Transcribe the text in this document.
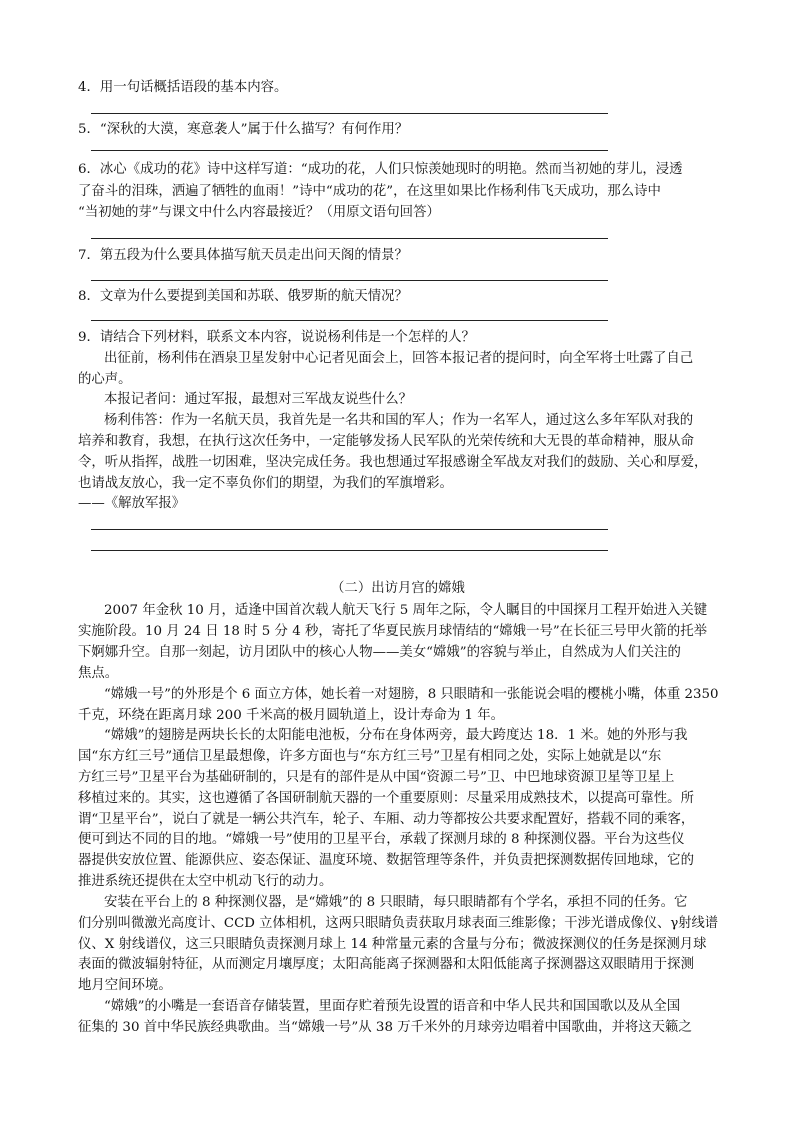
4．用一句话概括语段的基本内容。
5．“深秋的大漠，寒意袭人”属于什么描写？有何作用？
6．冰心《成功的花》诗中这样写道：“成功的花，人们只惊羡她现时的明艳。然而当初她的芽儿，浸透
了奋斗的泪珠，洒遍了牺牲的血雨！”诗中“成功的花”，在这里如果比作杨利伟飞天成功，那么诗中
“当初她的芽”与课文中什么内容最接近？（用原文语句回答）
7．第五段为什么要具体描写航天员走出问天阁的情景？
8．文章为什么要提到美国和苏联、俄罗斯的航天情况？
9．请结合下列材料，联系文本内容，说说杨利伟是一个怎样的人？
出征前，杨利伟在酒泉卫星发射中心记者见面会上，回答本报记者的提问时，向全军将士吐露了自己
的心声。
本报记者问：通过军报，最想对三军战友说些什么？
杨利伟答：作为一名航天员，我首先是一名共和国的军人；作为一名军人，通过这么多年军队对我的
培养和教育，我想，在执行这次任务中，一定能够发扬人民军队的光荣传统和大无畏的革命精神，服从命
令，听从指挥，战胜一切困难，坚决完成任务。我也想通过军报感谢全军战友对我们的鼓励、关心和厚爱，
也请战友放心，我一定不辜负你们的期望，为我们的军旗增彩。
——《解放军报》
（二）出访月宫的嫦娥
2007 年金秋 10 月，适逢中国首次载人航天飞行 5 周年之际，令人瞩目的中国探月工程开始进入关键
实施阶段。10 月 24 日 18 时 5 分 4 秒，寄托了华夏民族月球情结的“嫦娥一号”在长征三号甲火箭的托举
下婀娜升空。自那一刻起，访月团队中的核心人物——美女“嫦娥”的容貌与举止，自然成为人们关注的
焦点。
“嫦娥一号”的外形是个 6 面立方体，她长着一对翅膀，8 只眼睛和一张能说会唱的樱桃小嘴，体重 2350
千克，环绕在距离月球 200 千米高的极月圆轨道上，设计寿命为 1 年。
“嫦娥”的翅膀是两块长长的太阳能电池板，分布在身体两旁，最大跨度达 18．1 米。她的外形与我
国“东方红三号”通信卫星最想像，许多方面也与“东方红三号”卫星有相同之处，实际上她就是以“东
方红三号”卫星平台为基础研制的，只是有的部件是从中国“资源二号”卫、中巴地球资源卫星等卫星上
移植过来的。其实，这也遵循了各国研制航天器的一个重要原则：尽量采用成熟技术，以提高可靠性。所
谓“卫星平台”，说白了就是一辆公共汽车，轮子、车厢、动力等都按公共要求配置好，搭载不同的乘客，
便可到达不同的目的地。“嫦娥一号”使用的卫星平台，承载了探测月球的 8 种探测仪器。平台为这些仪
器提供安放位置、能源供应、姿态保证、温度环境、数据管理等条件，并负责把探测数据传回地球，它的
推进系统还提供在太空中机动飞行的动力。
安装在平台上的 8 种探测仪器，是“嫦娥”的 8 只眼睛，每只眼睛都有个学名，承担不同的任务。它
们分别叫微激光高度计、CCD 立体相机，这两只眼睛负责获取月球表面三维影像；干涉光谱成像仪、γ射线谱
仪、X 射线谱仪，这三只眼睛负责探测月球上 14 种常量元素的含量与分布；微波探测仪的任务是探测月球
表面的微波辐射特征，从而测定月壤厚度；太阳高能离子探测器和太阳低能离子探测器这双眼睛用于探测
地月空间环境。
“嫦娥”的小嘴是一套语音存储装置，里面存贮着预先设置的语音和中华人民共和国国歌以及从全国
征集的 30 首中华民族经典歌曲。当“嫦娥一号”从 38 万千米外的月球旁边唱着中国歌曲，并将这天籁之
